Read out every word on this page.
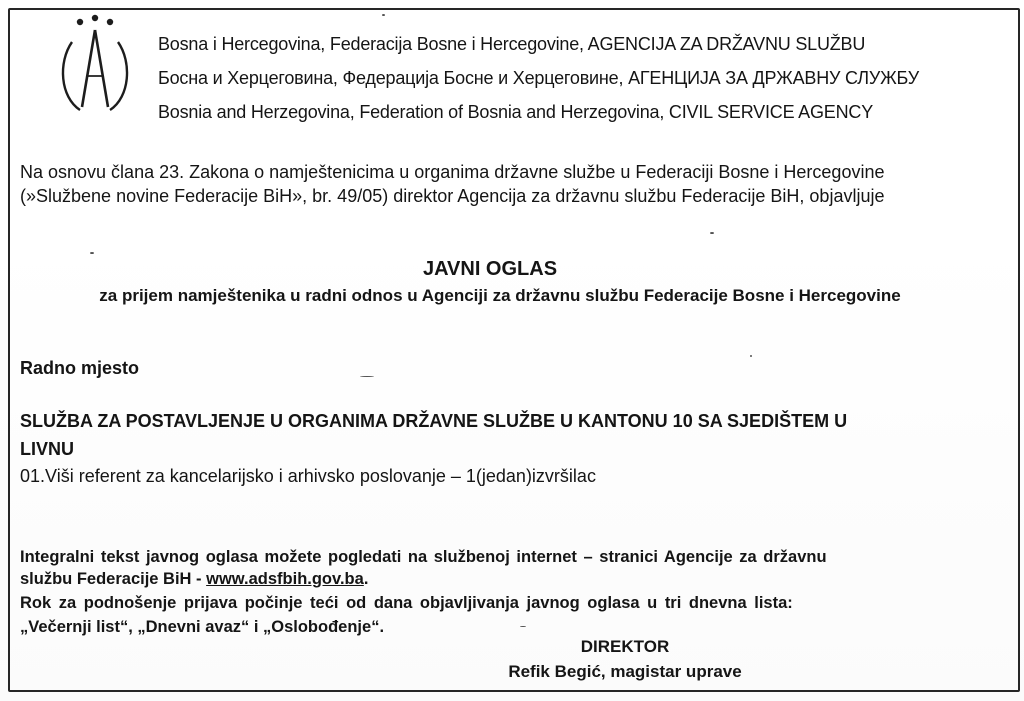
Bosna i Hercegovina, Federacija Bosne i Hercegovine, AGENCIJA ZA DRŽAVNU SLUŽBU
Босна и Херцеговина, Федерација Босне и Херцеговине, АГЕНЦИЈА ЗА ДРЖАВНУ СЛУЖБУ
Bosnia and Herzegovina, Federation of Bosnia and Herzegovina, CIVIL SERVICE AGENCY
Na osnovu člana 23. Zakona o namještenicima u organima državne službe u Federaciji Bosne i Hercegovine
(»Službene novine Federacije BiH», br. 49/05) direktor Agencija za državnu službu Federacije BiH, objavljuje
JAVNI OGLAS
za prijem namještenika u radni odnos u Agenciji za državnu službu Federacije Bosne i Hercegovine
Radno mjesto
SLUŽBA ZA POSTAVLJENJE U ORGANIMA DRŽAVNE SLUŽBE U KANTONU 10 SA SJEDIŠTEM U
LIVNU
01.Viši referent za kancelarijsko i arhivsko poslovanje – 1(jedan)izvršilac
Integralni tekst javnog oglasa možete pogledati na službenoj internet – stranici Agencije za državnu
službu Federacije BiH - www.adsfbih.gov.ba.
Rok za podnošenje prijava počinje teći od dana objavljivanja javnog oglasa u tri dnevna lista:
„Večernji list“, „Dnevni avaz“ i „Oslobođenje“.
DIREKTOR
Refik Begić, magistar uprave
